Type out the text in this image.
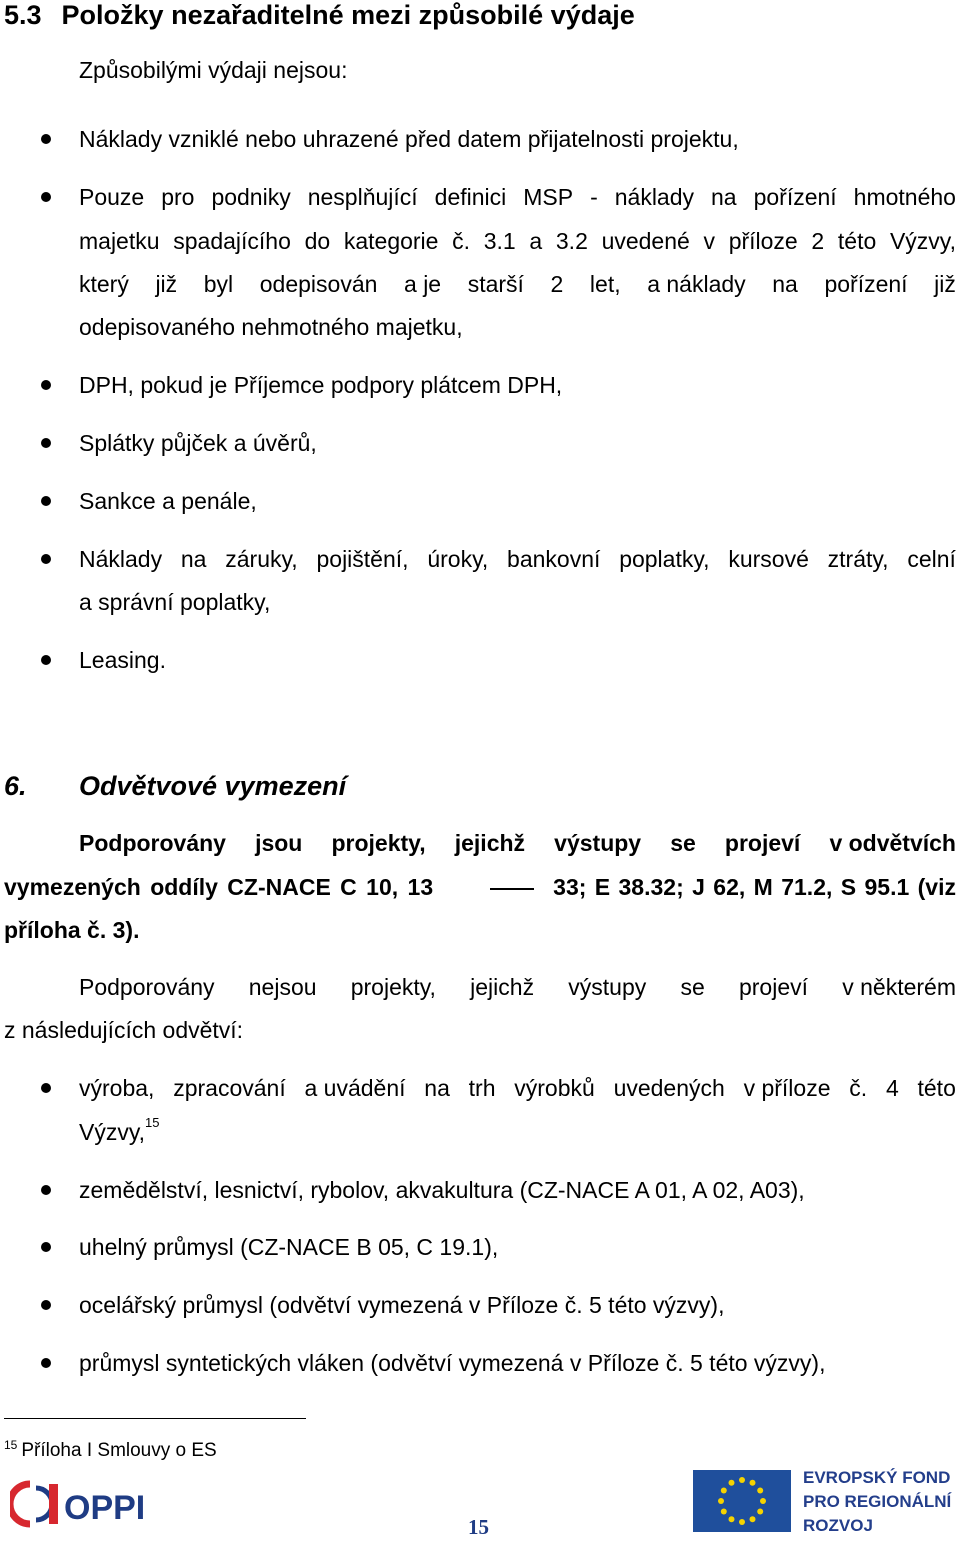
5.3 Položky nezařaditelné mezi způsobilé výdaje
Způsobilými výdaji nejsou:
Náklady vzniklé nebo uhrazené před datem přijatelnosti projektu,
Pouze pro podniky nesplňující definici MSP - náklady na pořízení hmotného
majetku spadajícího do kategorie č. 3.1 a 3.2 uvedené v příloze 2 této Výzvy,
který již byl odepisován a je starší 2 let, a náklady na pořízení již
odepisovaného nehmotného majetku,
DPH, pokud je Příjemce podpory plátcem DPH,
Splátky půjček a úvěrů,
Sankce a penále,
Náklady na záruky, pojištění, úroky, bankovní poplatky, kursové ztráty, celní
a správní poplatky,
Leasing.
6. Odvětvové vymezení
Podporovány jsou projekty, jejichž výstupy se projeví v odvětvích
vymezených oddíly CZ-NACE C 10, 13	33; E 38.32; J 62, M 71.2, S 95.1 (viz
příloha č. 3).
Podporovány nejsou projekty, jejichž výstupy se projeví v některém
z následujících odvětví:
výroba, zpracování a uvádění na trh výrobků uvedených v příloze č. 4 této
Výzvy,$^{15}$
zemědělství, lesnictví, rybolov, akvakultura (CZ-NACE A 01, A 02, A03),
uhelný průmysl (CZ-NACE B 05, C 19.1),
ocelářský průmysl (odvětví vymezená v Příloze č. 5 této výzvy),
průmysl syntetických vláken (odvětví vymezená v Příloze č. 5 této výzvy),
$^{15}$ Příloha I Smlouvy o ES
OPPI	15
EVROPSKÝ FOND
PRO REGIONÁLNÍ
ROZVOJ
